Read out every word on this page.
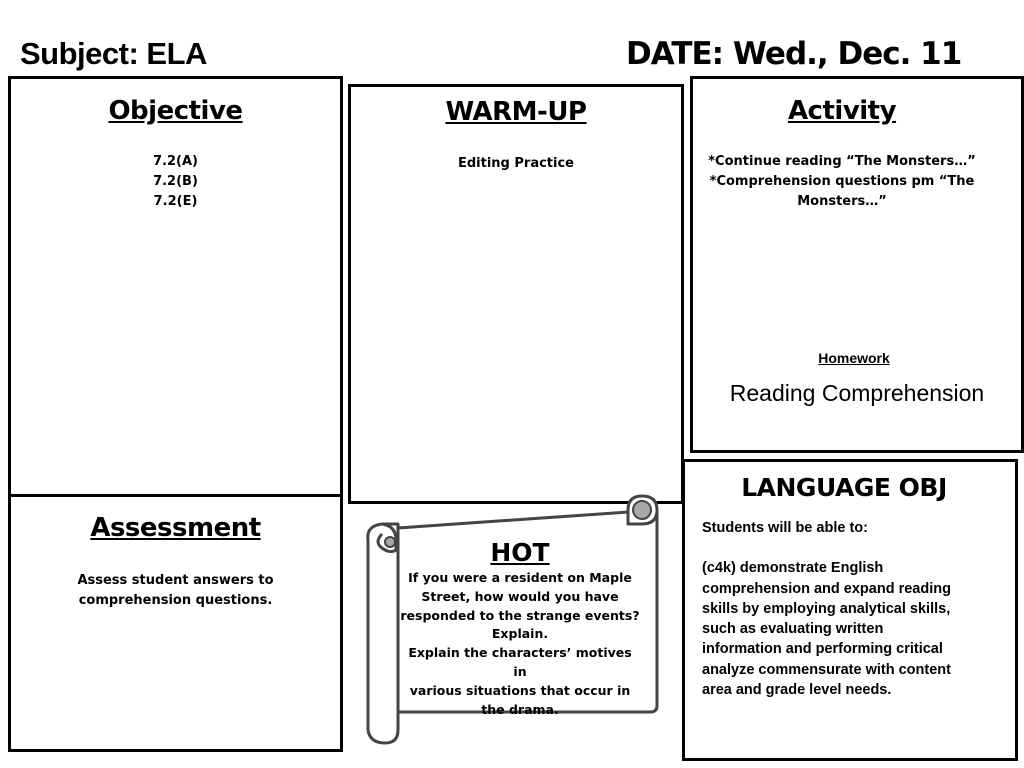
Subject: ELA	DATE: Wed., Dec. 11
Objective
7.2(A)
7.2(B)
7.2(E)
WARM-UP
Editing Practice
Activity
*Continue reading “The Monsters…”
*Comprehension questions pm “The
Monsters…”
Homework
Reading Comprehension
Assessment
Assess student answers to
comprehension questions.
HOT
If you were a resident on Maple
Street, how would you have
responded to the strange events?
Explain.
Explain the characters’ motives in
various situations that occur in
the drama.
LANGUAGE OBJ
Students will be able to:
(c4k) demonstrate English
comprehension and expand reading
skills by employing analytical skills,
such as evaluating written
information and performing critical
analyze commensurate with content
area and grade level needs.
